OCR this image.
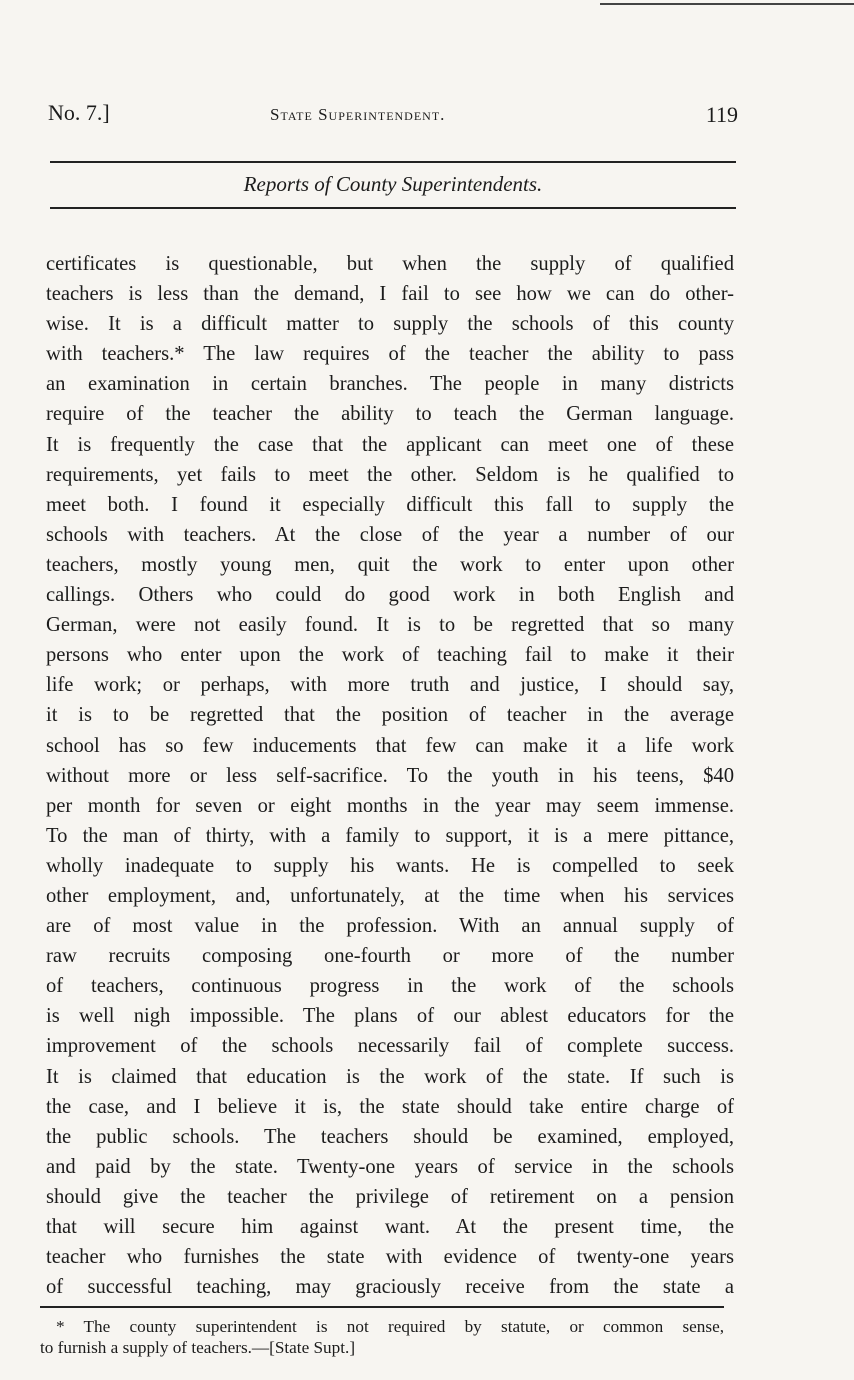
No. 7.]	State Superintendent.	119
Reports of County Superintendents.
certificates is questionable, but when the supply of qualified
teachers is less than the demand, I fail to see how we can do other-
wise. It is a difficult matter to supply the schools of this county
with teachers.* The law requires of the teacher the ability to pass
an examination in certain branches. The people in many districts
require of the teacher the ability to teach the German language.
It is frequently the case that the applicant can meet one of these
requirements, yet fails to meet the other. Seldom is he qualified to
meet both. I found it especially difficult this fall to supply the
schools with teachers. At the close of the year a number of our
teachers, mostly young men, quit the work to enter upon other
callings. Others who could do good work in both English and
German, were not easily found. It is to be regretted that so many
persons who enter upon the work of teaching fail to make it their
life work; or perhaps, with more truth and justice, I should say,
it is to be regretted that the position of teacher in the average
school has so few inducements that few can make it a life work
without more or less self-sacrifice. To the youth in his teens, $40
per month for seven or eight months in the year may seem immense.
To the man of thirty, with a family to support, it is a mere pittance,
wholly inadequate to supply his wants. He is compelled to seek
other employment, and, unfortunately, at the time when his services
are of most value in the profession. With an annual supply of
raw recruits composing one-fourth or more of the number
of teachers, continuous progress in the work of the schools
is well nigh impossible. The plans of our ablest educators for the
improvement of the schools necessarily fail of complete success.
It is claimed that education is the work of the state. If such is
the case, and I believe it is, the state should take entire charge of
the public schools. The teachers should be examined, employed,
and paid by the state. Twenty-one years of service in the schools
should give the teacher the privilege of retirement on a pension
that will secure him against want. At the present time, the
teacher who furnishes the state with evidence of twenty-one years
of successful teaching, may graciously receive from the state a
* The county superintendent is not required by statute, or common sense,
to furnish a supply of teachers.—[State Supt.]
